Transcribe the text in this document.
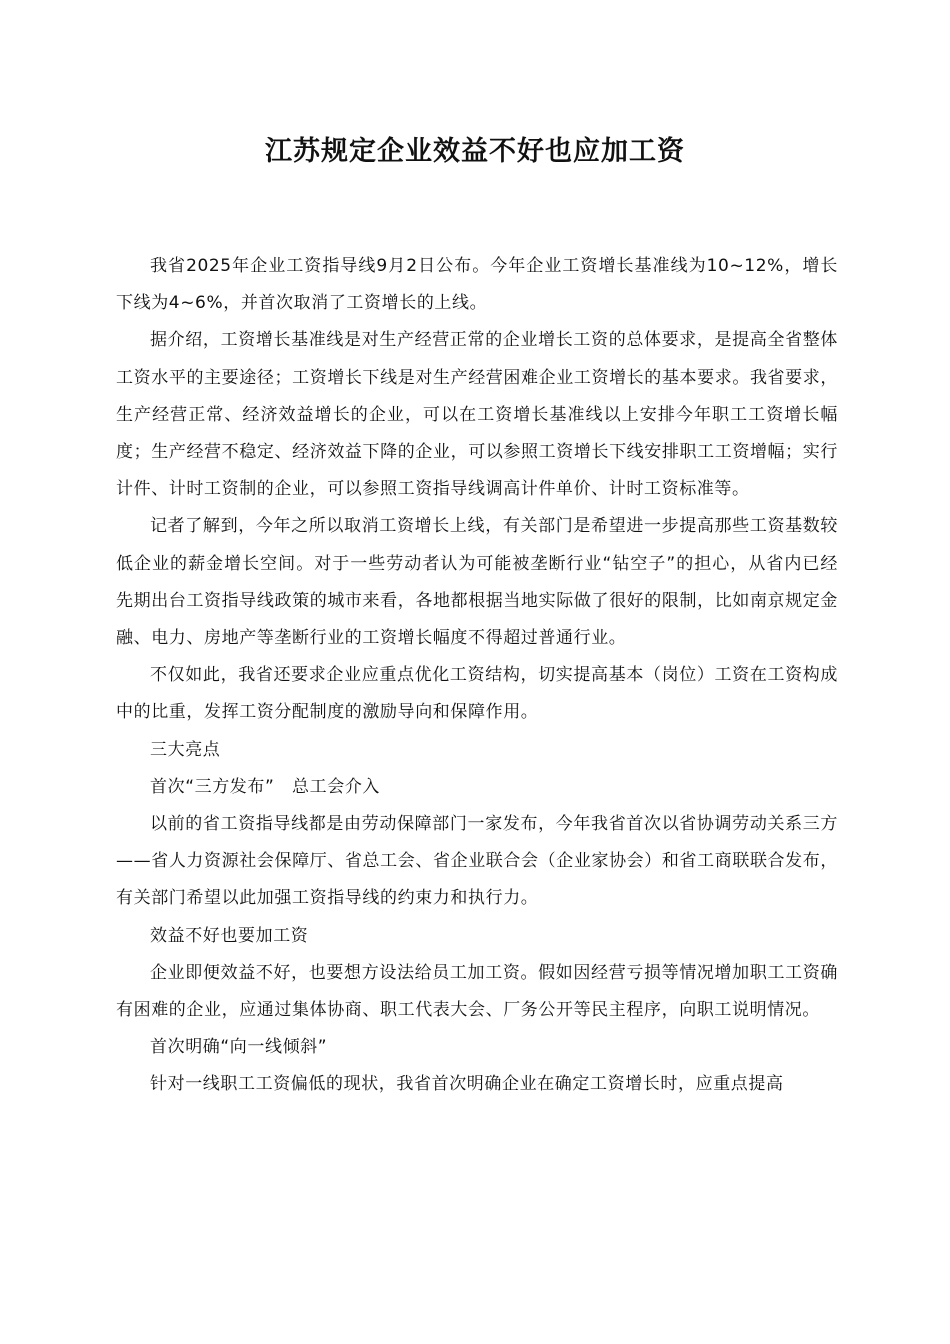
江苏规定企业效益不好也应加工资

我省2025年企业工资指导线9月2日公布。今年企业工资增长基准线为10~12%，增长下线为4~6%，并首次取消了工资增长的上线。

据介绍，工资增长基准线是对生产经营正常的企业增长工资的总体要求，是提高全省整体工资水平的主要途径；工资增长下线是对生产经营困难企业工资增长的基本要求。我省要求，生产经营正常、经济效益增长的企业，可以在工资增长基准线以上安排今年职工工资增长幅度；生产经营不稳定、经济效益下降的企业，可以参照工资增长下线安排职工工资增幅；实行计件、计时工资制的企业，可以参照工资指导线调高计件单价、计时工资标准等。

记者了解到，今年之所以取消工资增长上线，有关部门是希望进一步提高那些工资基数较低企业的薪金增长空间。对于一些劳动者认为可能被垄断行业“钻空子”的担心，从省内已经先期出台工资指导线政策的城市来看，各地都根据当地实际做了很好的限制，比如南京规定金融、电力、房地产等垄断行业的工资增长幅度不得超过普通行业。

不仅如此，我省还要求企业应重点优化工资结构，切实提高基本（岗位）工资在工资构成中的比重，发挥工资分配制度的激励导向和保障作用。

三大亮点

首次“三方发布”　总工会介入

以前的省工资指导线都是由劳动保障部门一家发布，今年我省首次以省协调劳动关系三方——省人力资源社会保障厅、省总工会、省企业联合会（企业家协会）和省工商联联合发布，有关部门希望以此加强工资指导线的约束力和执行力。

效益不好也要加工资

企业即便效益不好，也要想方设法给员工加工资。假如因经营亏损等情况增加职工工资确有困难的企业，应通过集体协商、职工代表大会、厂务公开等民主程序，向职工说明情况。

首次明确“向一线倾斜”

针对一线职工工资偏低的现状，我省首次明确企业在确定工资增长时，应重点提高
